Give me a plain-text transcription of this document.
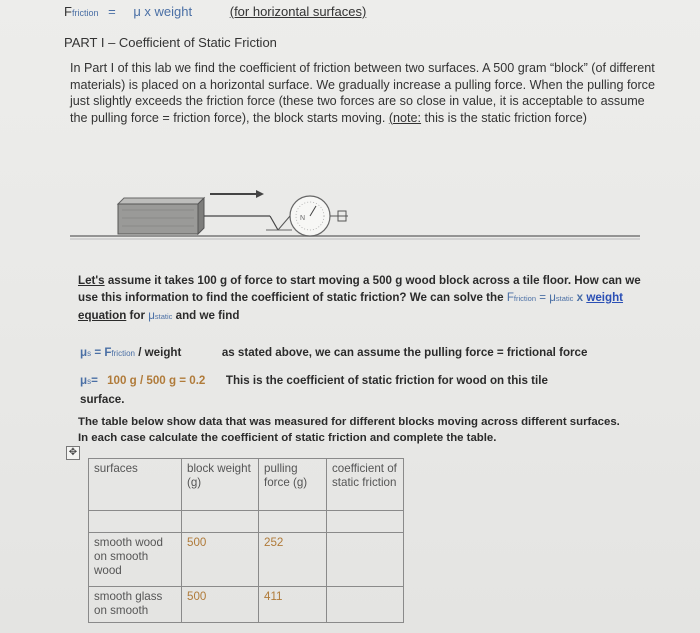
Ffriction = μ x weight	(for horizontal surfaces)
PART I – Coefficient of Static Friction
In Part I of this lab we find the coefficient of friction between two surfaces. A 500 gram “block” (of different materials) is placed on a horizontal surface. We gradually increase a pulling force. When the pulling force just slightly exceeds the friction force (these two forces are so close in value, it is acceptable to assume the pulling force = friction force), the block starts moving. (note: this is the static friction force)
N
Let's assume it takes 100 g of force to start moving a 500 g wood block across a tile floor. How can we use this information to find the coefficient of static friction? We can solve the Ffriction = μstatic x weight
equation for μstatic and we find
μs = Ffriction / weight	as stated above, we can assume the pulling force = frictional force
μs= 100 g / 500 g = 0.2 This is the coefficient of static friction for wood on this tile
surface.
The table below show data that was measured for different blocks moving across different surfaces.
In each case calculate the coefficient of static friction and complete the table.
✥
surfaces	block weight (g)	pulling force (g)	coefficient of static friction

smooth wood on smooth wood	500	252	
smooth glass on smooth	500	411	
